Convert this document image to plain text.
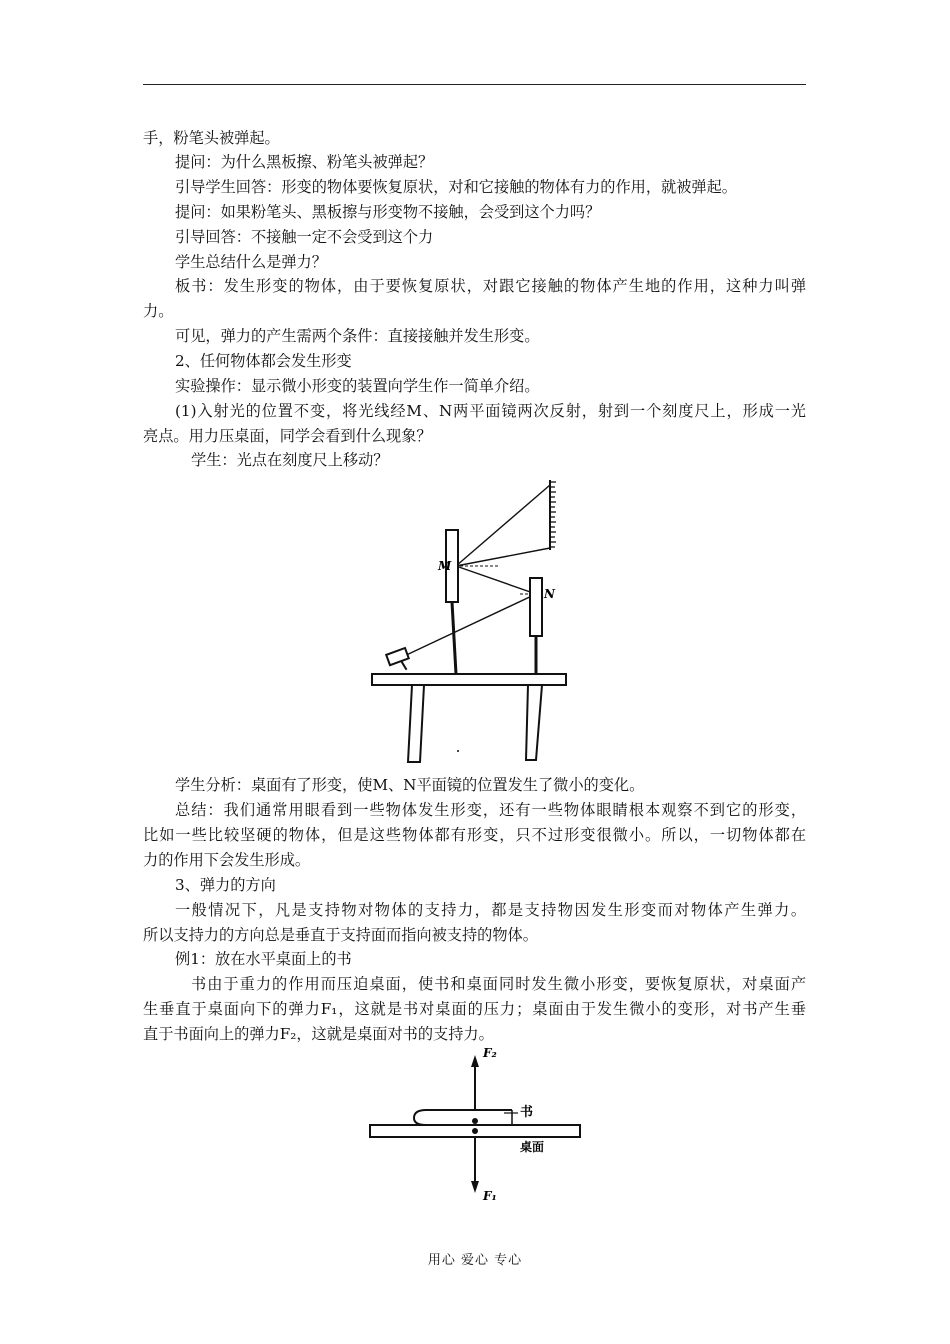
手，粉笔头被弹起。
提问：为什么黑板擦、粉笔头被弹起？
引导学生回答：形变的物体要恢复原状，对和它接触的物体有力的作用，就被弹起。
提问：如果粉笔头、黑板擦与形变物不接触，会受到这个力吗？
引导回答：不接触一定不会受到这个力
学生总结什么是弹力？
板书：发生形变的物体，由于要恢复原状，对跟它接触的物体产生地的作用，这种力叫弹
力。
可见，弹力的产生需两个条件：直接接触并发生形变。
2、任何物体都会发生形变
实验操作：显示微小形变的装置向学生作一简单介绍。
(1)入射光的位置不变，将光线经M、N两平面镜两次反射，射到一个刻度尺上，形成一光
亮点。用力压桌面，同学会看到什么现象？
学生：光点在刻度尺上移动？
M
N
学生分析：桌面有了形变，使M、N平面镜的位置发生了微小的变化。
总结：我们通常用眼看到一些物体发生形变，还有一些物体眼睛根本观察不到它的形变，
比如一些比较坚硬的物体，但是这些物体都有形变，只不过形变很微小。所以，一切物体都在
力的作用下会发生形成。
3、弹力的方向
一般情况下，凡是支持物对物体的支持力，都是支持物因发生形变而对物体产生弹力。
所以支持力的方向总是垂直于支持面而指向被支持的物体。
例1：放在水平桌面上的书
书由于重力的作用而压迫桌面，使书和桌面同时发生微小形变，要恢复原状，对桌面产
生垂直于桌面向下的弹力F₁，这就是书对桌面的压力；桌面由于发生微小的变形，对书产生垂
直于书面向上的弹力F₂，这就是桌面对书的支持力。
F₂
书
桌面
F₁
用心 爱心 专心
